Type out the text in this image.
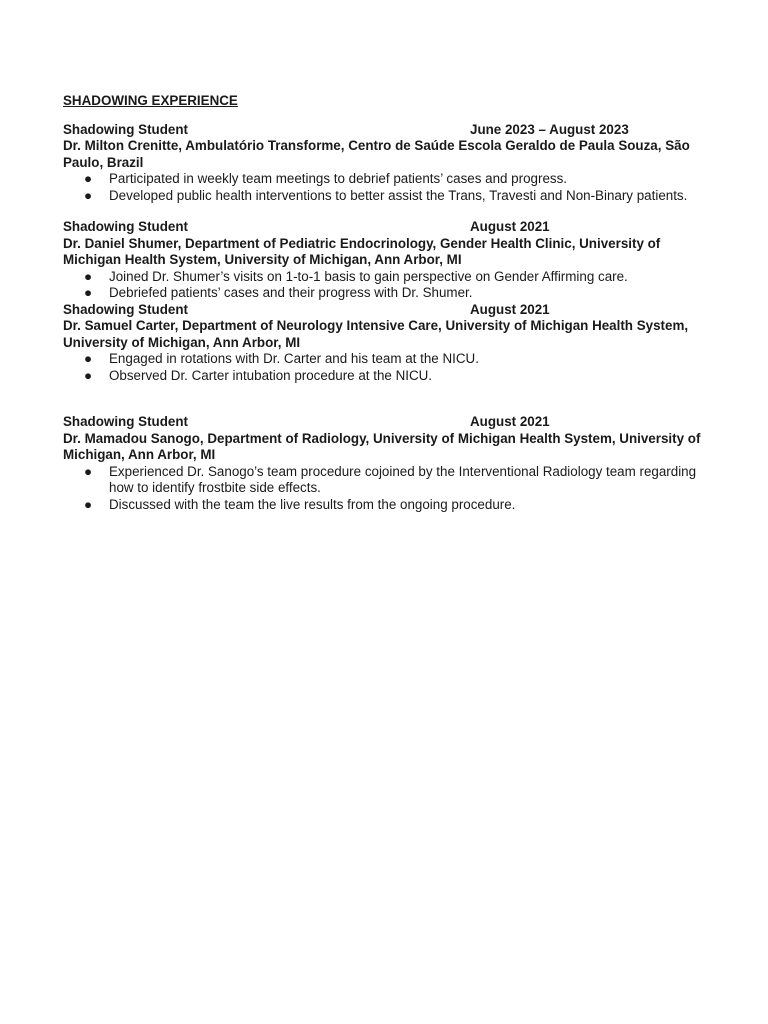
SHADOWING EXPERIENCE
Shadowing Student	June 2023 – August 2023
Dr. Milton Crenitte, Ambulatório Transforme, Centro de Saúde Escola Geraldo de Paula Souza, São Paulo, Brazil
● Participated in weekly team meetings to debrief patients’ cases and progress.
● Developed public health interventions to better assist the Trans, Travesti and Non-Binary patients.
Shadowing Student	August 2021
Dr. Daniel Shumer, Department of Pediatric Endocrinology, Gender Health Clinic, University of Michigan Health System, University of Michigan, Ann Arbor, MI
● Joined Dr. Shumer’s visits on 1-to-1 basis to gain perspective on Gender Affirming care.
● Debriefed patients’ cases and their progress with Dr. Shumer.
Shadowing Student	August 2021
Dr. Samuel Carter, Department of Neurology Intensive Care, University of Michigan Health System, University of Michigan, Ann Arbor, MI
● Engaged in rotations with Dr. Carter and his team at the NICU.
● Observed Dr. Carter intubation procedure at the NICU.
Shadowing Student	August 2021
Dr. Mamadou Sanogo, Department of Radiology, University of Michigan Health System, University of Michigan, Ann Arbor, MI
● Experienced Dr. Sanogo’s team procedure cojoined by the Interventional Radiology team regarding how to identify frostbite side effects.
● Discussed with the team the live results from the ongoing procedure.
